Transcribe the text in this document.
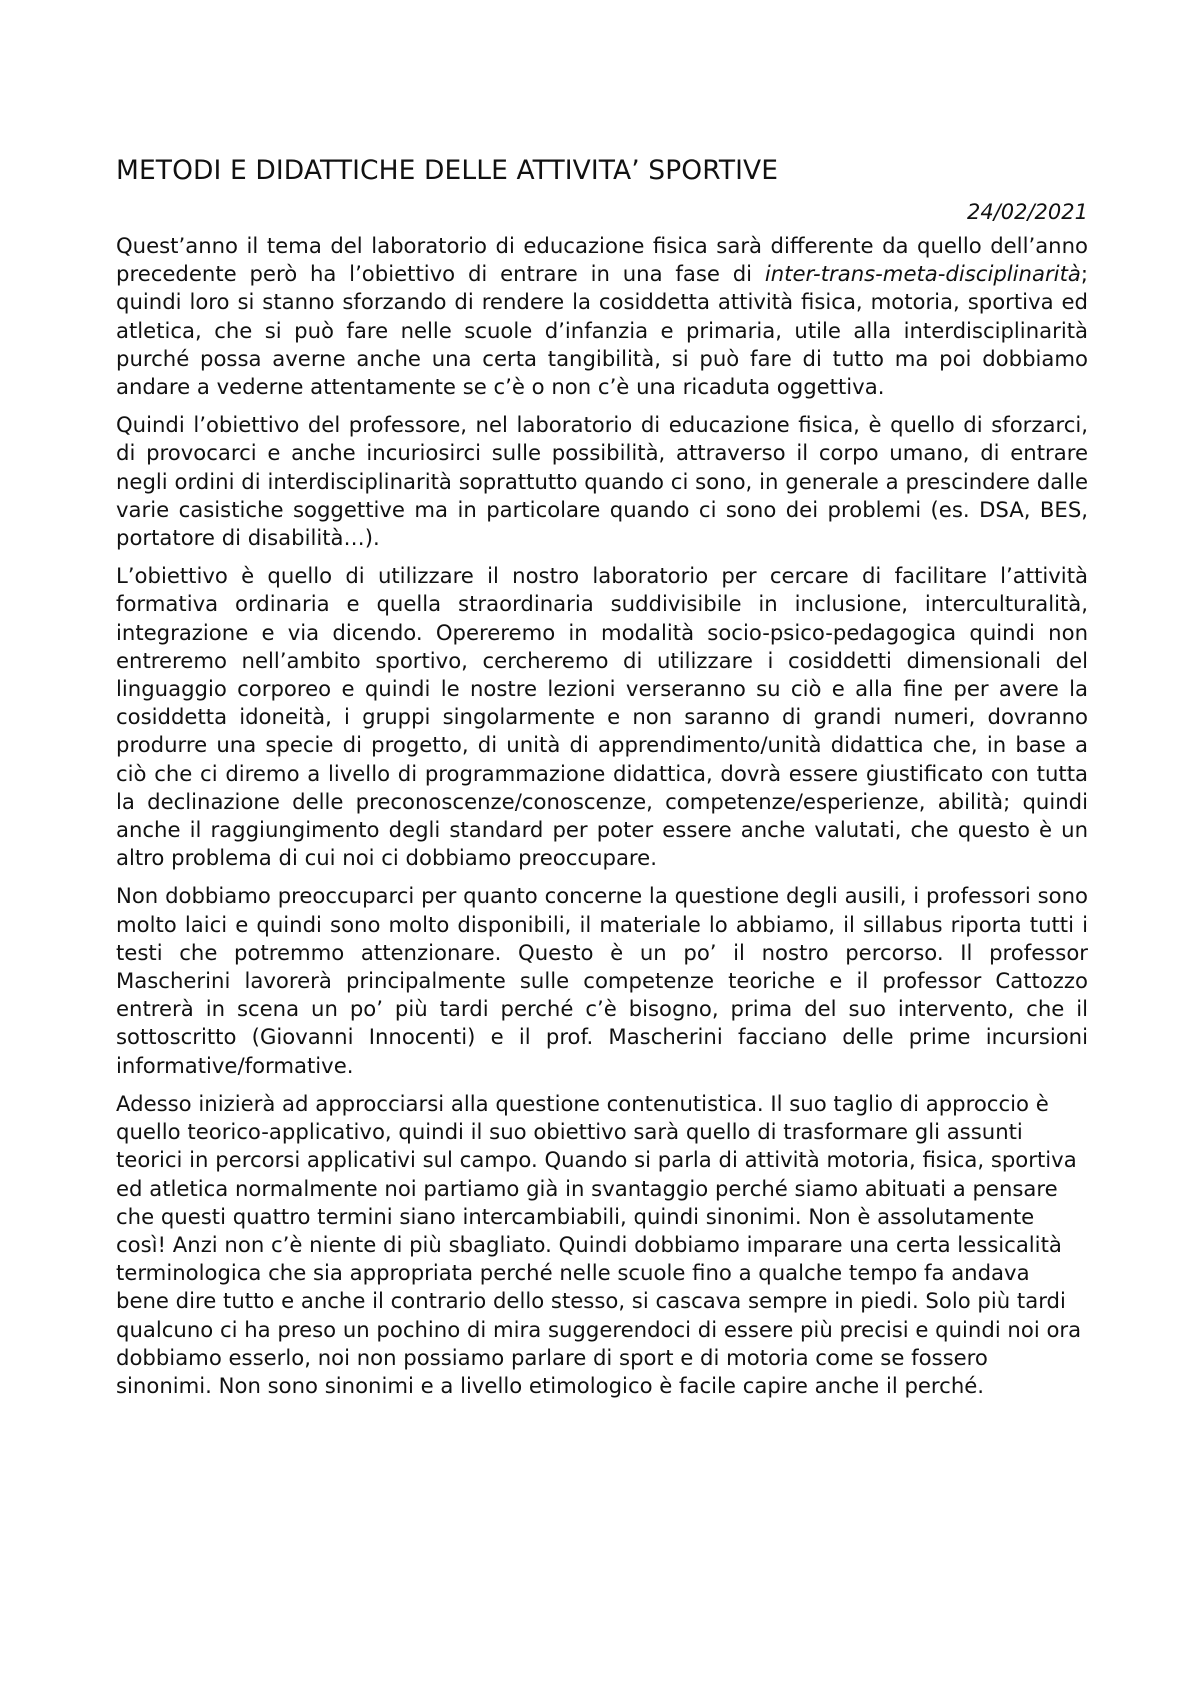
METODI E DIDATTICHE DELLE ATTIVITA’ SPORTIVE
24/02/2021

Quest’anno il tema del laboratorio di educazione fisica sarà differente da quello dell’anno precedente però ha l’obiettivo di entrare in una fase di inter-trans-meta-disciplinarità; quindi loro si stanno sforzando di rendere la cosiddetta attività fisica, motoria, sportiva ed atletica, che si può fare nelle scuole d’infanzia e primaria, utile alla interdisciplinarità purché possa averne anche una certa tangibilità, si può fare di tutto ma poi dobbiamo andare a vederne attentamente se c’è o non c’è una ricaduta oggettiva.

Quindi l’obiettivo del professore, nel laboratorio di educazione fisica, è quello di sforzarci, di provocarci e anche incuriosirci sulle possibilità, attraverso il corpo umano, di entrare negli ordini di interdisciplinarità soprattutto quando ci sono, in generale a prescindere dalle varie casistiche soggettive ma in particolare quando ci sono dei problemi (es. DSA, BES, portatore di disabilità…).

L’obiettivo è quello di utilizzare il nostro laboratorio per cercare di facilitare l’attività formativa ordinaria e quella straordinaria suddivisibile in inclusione, interculturalità, integrazione e via dicendo. Opereremo in modalità socio-psico-pedagogica quindi non entreremo nell’ambito sportivo, cercheremo di utilizzare i cosiddetti dimensionali del linguaggio corporeo e quindi le nostre lezioni verseranno su ciò e alla fine per avere la cosiddetta idoneità, i gruppi singolarmente e non saranno di grandi numeri, dovranno produrre una specie di progetto, di unità di apprendimento/unità didattica che, in base a ciò che ci diremo a livello di programmazione didattica, dovrà essere giustificato con tutta la declinazione delle preconoscenze/conoscenze, competenze/esperienze, abilità; quindi anche il raggiungimento degli standard per poter essere anche valutati, che questo è un altro problema di cui noi ci dobbiamo preoccupare.

Non dobbiamo preoccuparci per quanto concerne la questione degli ausili, i professori sono molto laici e quindi sono molto disponibili, il materiale lo abbiamo, il sillabus riporta tutti i testi che potremmo attenzionare. Questo è un po’ il nostro percorso. Il professor Mascherini lavorerà principalmente sulle competenze teoriche e il professor Cattozzo entrerà in scena un po’ più tardi perché c’è bisogno, prima del suo intervento, che il sottoscritto (Giovanni Innocenti) e il prof. Mascherini facciano delle prime incursioni informative/formative.

Adesso inizierà ad approcciarsi alla questione contenutistica. Il suo taglio di approccio è quello teorico-applicativo, quindi il suo obiettivo sarà quello di trasformare gli assunti teorici in percorsi applicativi sul campo. Quando si parla di attività motoria, fisica, sportiva ed atletica normalmente noi partiamo già in svantaggio perché siamo abituati a pensare che questi quattro termini siano intercambiabili, quindi sinonimi. Non è assolutamente così! Anzi non c’è niente di più sbagliato. Quindi dobbiamo imparare una certa lessicalità terminologica che sia appropriata perché nelle scuole fino a qualche tempo fa andava bene dire tutto e anche il contrario dello stesso, si cascava sempre in piedi. Solo più tardi qualcuno ci ha preso un pochino di mira suggerendoci di essere più precisi e quindi noi ora dobbiamo esserlo, noi non possiamo parlare di sport e di motoria come se fossero sinonimi. Non sono sinonimi e a livello etimologico è facile capire anche il perché.
